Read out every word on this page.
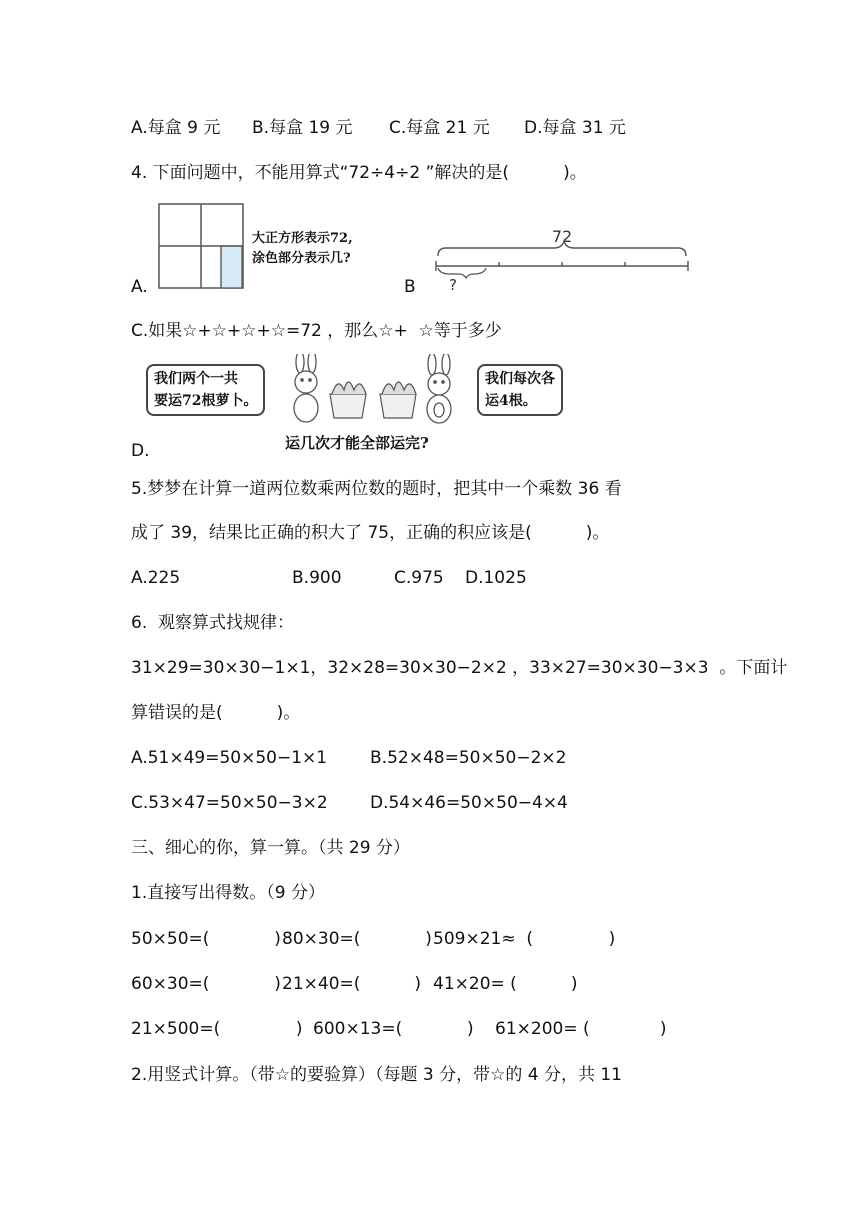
A.每盒 9 元 B.每盒 19 元 C.每盒 21 元 D.每盒 31 元
4. 下面问题中，不能用算式“72÷4÷2 ”解决的是(          )。
A.
大正方形表示72,
涂色部分表示几?
B
72
?
C.如果☆+☆+☆+☆=72 ，那么☆+  ☆等于多少
D.
我们两个一共
要运72根萝卜。
我们每次各
运4根。
运几次才能全部运完?
5.梦梦在计算一道两位数乘两位数的题时，把其中一个乘数 36 看
成了 39，结果比正确的积大了 75，正确的积应该是(          )。
A.225	B.900	C.975 D.1025
6.  观察算式找规律：
31×29=30×30−1×1，32×28=30×30−2×2 ，33×27=30×30−3×3  。下面计
算错误的是(          )。
A.51×49=50×50−1×1	B.52×48=50×50−2×2
C.53×47=50×50−3×2 D.54×46=50×50−4×4
三、细心的你，算一算。（共 29 分）
1.直接写出得数。（9 分）
50×50=(            ) 80×30=(            ) 509×21≈  (              )
60×30=(            ) 21×40=(          ) 41×20= (          )
21×500=(              ) 600×13=(            ) 61×200= (             )
2.用竖式计算。（带☆的要验算）（每题 3 分，带☆的 4 分，共 11
